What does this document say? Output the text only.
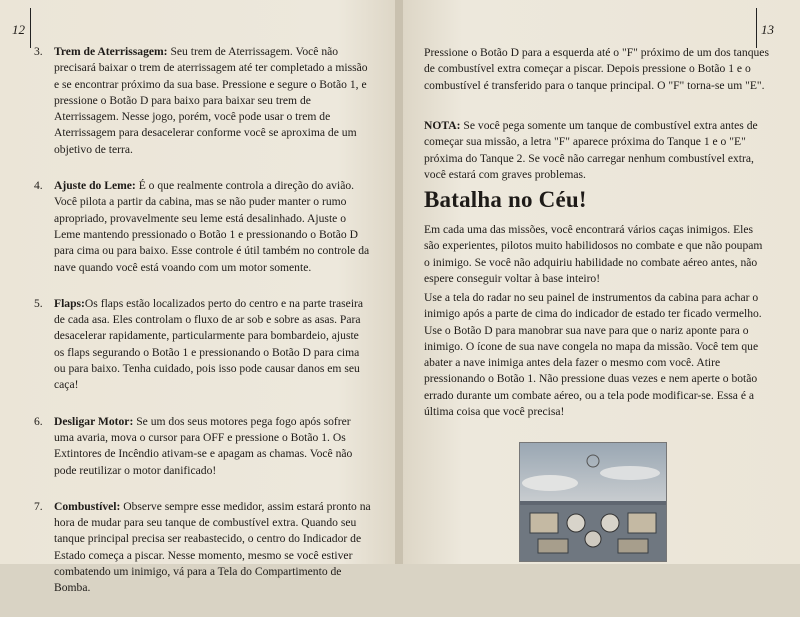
12
3. Trem de Aterrissagem: Seu trem de Aterrissagem. Você não precisará baixar o trem de aterrissagem até ter completado a missão e se encontrar próximo da sua base. Pressione e segure o Botão 1, e pressione o Botão D para baixo para baixar seu trem de Aterrissagem. Nesse jogo, porém, você pode usar o trem de Aterrissagem para desacelerar conforme você se aproxima de um objetivo de terra.
4. Ajuste do Leme: É o que realmente controla a direção do avião. Você pilota a partir da cabina, mas se não puder manter o rumo apropriado, provavelmente seu leme está desalinhado. Ajuste o Leme mantendo pressionado o Botão 1 e pressionando o Botão D para cima ou para baixo. Esse controle é útil também no controle da nave quando você está voando com um motor somente.
5. Flaps:Os flaps estão localizados perto do centro e na parte traseira de cada asa. Eles controlam o fluxo de ar sob e sobre as asas. Para desacelerar rapidamente, particularmente para bombardeio, ajuste os flaps segurando o Botão 1 e pressionando o Botão D para cima ou para baixo. Tenha cuidado, pois isso pode causar danos em seu caça!
6. Desligar Motor: Se um dos seus motores pega fogo após sofrer uma avaria, mova o cursor para OFF e pressione o Botão 1. Os Extintores de Incêndio ativam-se e apagam as chamas. Você não pode reutilizar o motor danificado!
7. Combustível: Observe sempre esse medidor, assim estará pronto na hora de mudar para seu tanque de combustível extra. Quando seu tanque principal precisa ser reabastecido, o centro do Indicador de Estado começa a piscar. Nesse momento, mesmo se você estiver combatendo um inimigo, vá para a Tela do Compartimento de Bomba.
13

Pressione o Botão D para a esquerda até o "F" próximo de um dos tanques de combustível extra começar a piscar. Depois pressione o Botão 1 e o combustível é transferido para o tanque principal. O "F" torna-se um "E".

NOTA: Se você pega somente um tanque de combustível extra antes de começar sua missão, a letra "F" aparece próxima do Tanque 1 e o "E" próxima do Tanque 2. Se você não carregar nenhum combustível extra, você estará com graves problemas.

Batalha no Céu!

Em cada uma das missões, você encontrará vários caças inimigos. Eles são experientes, pilotos muito habilidosos no combate e que não poupam o inimigo. Se você não adquiriu habilidade no combate aéreo antes, não espere conseguir voltar à base inteiro!

Use a tela do radar no seu painel de instrumentos da cabina para achar o inimigo após a parte de cima do indicador de estado ter ficado vermelho. Use o Botão D para manobrar sua nave para que o nariz aponte para o inimigo. O ícone de sua nave congela no mapa da missão. Você tem que abater a nave inimiga antes dela fazer o mesmo com você. Atire pressionando o Botão 1. Não pressione duas vezes e nem aperte o botão errado durante um combate aéreo, ou a tela pode modificar-se. Essa é a última coisa que você precisa!
